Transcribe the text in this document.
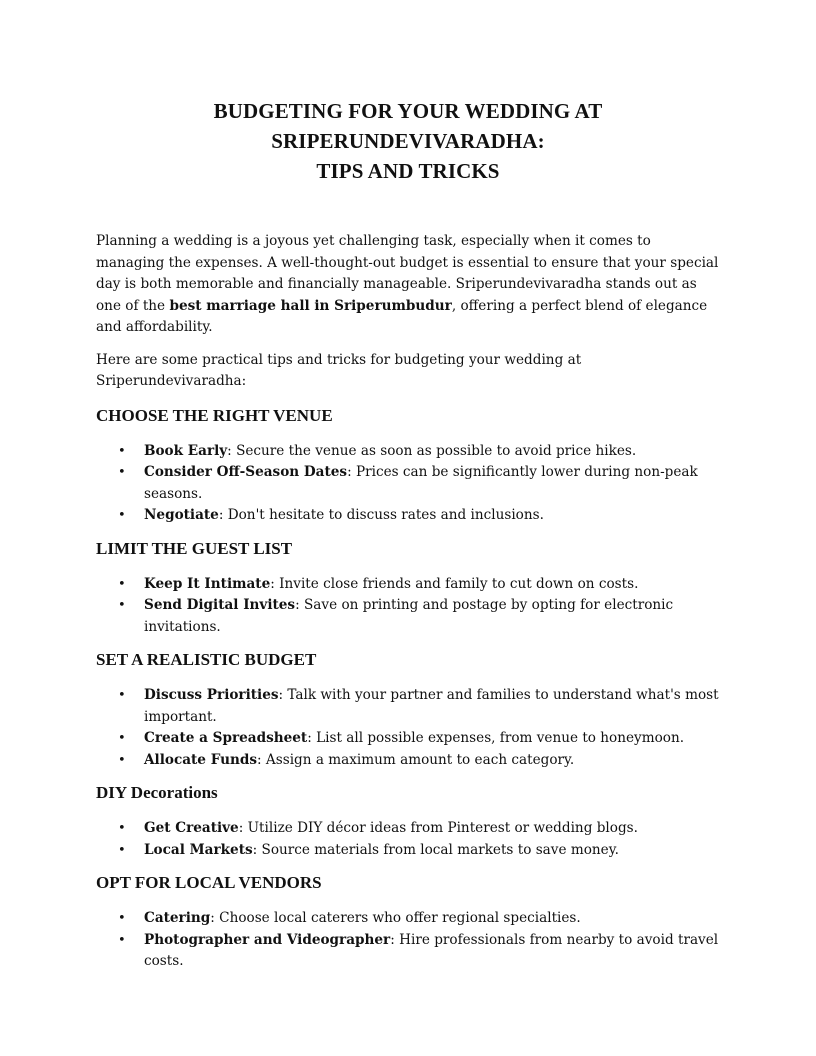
BUDGETING FOR YOUR WEDDING AT SRIPERUNDEVIVARADHA:
TIPS AND TRICKS

Planning a wedding is a joyous yet challenging task, especially when it comes to managing the expenses. A well-thought-out budget is essential to ensure that your special day is both memorable and financially manageable. Sriperundevivaradha stands out as one of the best marriage hall in Sriperumbudur, offering a perfect blend of elegance and affordability.

Here are some practical tips and tricks for budgeting your wedding at Sriperundevivaradha:

CHOOSE THE RIGHT VENUE
• Book Early: Secure the venue as soon as possible to avoid price hikes.
• Consider Off-Season Dates: Prices can be significantly lower during non-peak seasons.
• Negotiate: Don't hesitate to discuss rates and inclusions.
LIMIT THE GUEST LIST
• Keep It Intimate: Invite close friends and family to cut down on costs.
• Send Digital Invites: Save on printing and postage by opting for electronic invitations.
SET A REALISTIC BUDGET
• Discuss Priorities: Talk with your partner and families to understand what's most important.
• Create a Spreadsheet: List all possible expenses, from venue to honeymoon.
• Allocate Funds: Assign a maximum amount to each category.
DIY Decorations
• Get Creative: Utilize DIY décor ideas from Pinterest or wedding blogs.
• Local Markets: Source materials from local markets to save money.
OPT FOR LOCAL VENDORS
• Catering: Choose local caterers who offer regional specialties.
• Photographer and Videographer: Hire professionals from nearby to avoid travel costs.
